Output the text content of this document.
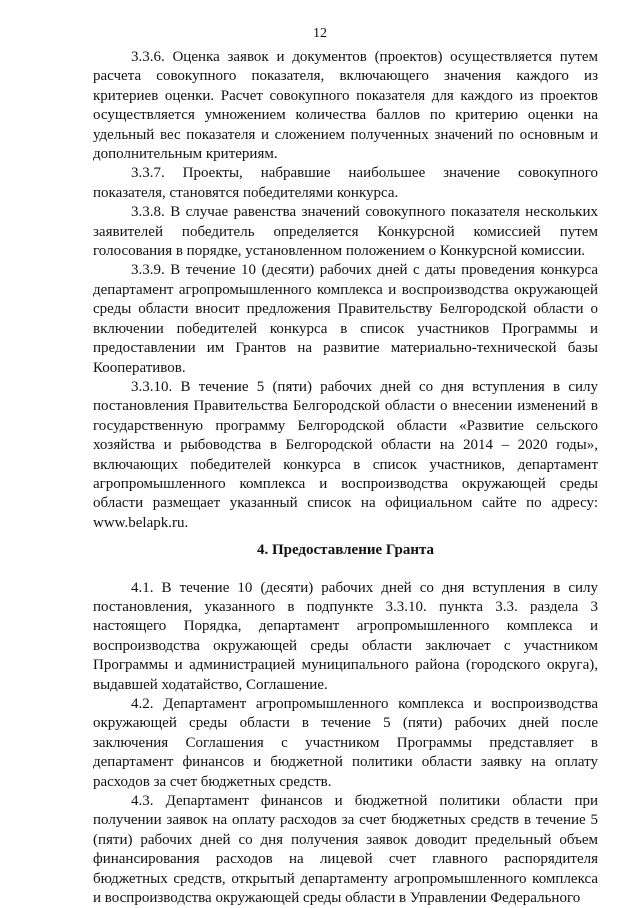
12

3.3.6. Оценка заявок и документов (проектов) осуществляется путем расчета совокупного показателя, включающего значения каждого из критериев оценки. Расчет совокупного показателя для каждого из проектов осуществляется умножением количества баллов по критерию оценки на удельный вес показателя и сложением полученных значений по основным и дополнительным критериям.

3.3.7. Проекты, набравшие наибольшее значение совокупного показателя, становятся победителями конкурса.

3.3.8. В случае равенства значений совокупного показателя нескольких заявителей победитель определяется Конкурсной комиссией путем голосования в порядке, установленном положением о Конкурсной комиссии.

3.3.9. В течение 10 (десяти) рабочих дней с даты проведения конкурса департамент агропромышленного комплекса и воспроизводства окружающей среды области вносит предложения Правительству Белгородской области о включении победителей конкурса в список участников Программы и предоставлении им Грантов на развитие материально-технической базы Кооперативов.

3.3.10. В течение 5 (пяти) рабочих дней со дня вступления в силу постановления Правительства Белгородской области о внесении изменений в государственную программу Белгородской области «Развитие сельского хозяйства и рыбоводства в Белгородской области на 2014 – 2020 годы», включающих победителей конкурса в список участников, департамент агропромышленного комплекса и воспроизводства окружающей среды области размещает указанный список на официальном сайте по адресу: www.belapk.ru.

4. Предоставление Гранта

4.1. В течение 10 (десяти) рабочих дней со дня вступления в силу постановления, указанного в подпункте 3.3.10. пункта 3.3. раздела 3 настоящего Порядка, департамент агропромышленного комплекса и воспроизводства окружающей среды области заключает с участником Программы и администрацией муниципального района (городского округа), выдавшей ходатайство, Соглашение.

4.2. Департамент агропромышленного комплекса и воспроизводства окружающей среды области в течение 5 (пяти) рабочих дней после заключения Соглашения с участником Программы представляет в департамент финансов и бюджетной политики области заявку на оплату расходов за счет бюджетных средств.

4.3. Департамент финансов и бюджетной политики области при получении заявок на оплату расходов за счет бюджетных средств в течение 5 (пяти) рабочих дней со дня получения заявок доводит предельный объем финансирования расходов на лицевой счет главного распорядителя бюджетных средств, открытый департаменту агропромышленного комплекса и воспроизводства окружающей среды области в Управлении Федерального
